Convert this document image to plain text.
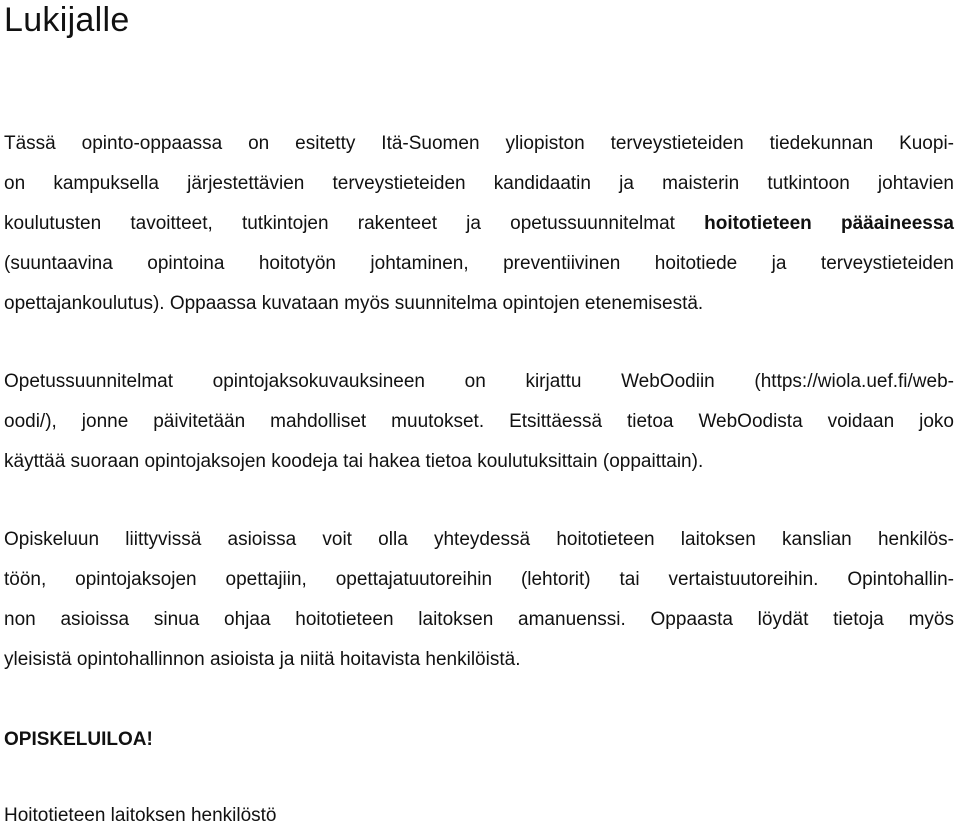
Lukijalle
Tässä opinto-oppaassa on esitetty Itä-Suomen yliopiston terveystieteiden tiedekunnan Kuopi-
on kampuksella järjestettävien terveystieteiden kandidaatin ja maisterin tutkintoon johtavien
koulutusten tavoitteet, tutkintojen rakenteet ja opetussuunnitelmat hoitotieteen pääaineessa
(suuntaavina opintoina hoitotyön johtaminen, preventiivinen hoitotiede ja terveystieteiden
opettajankoulutus). Oppaassa kuvataan myös suunnitelma opintojen etenemisestä.
Opetussuunnitelmat opintojaksokuvauksineen on kirjattu WebOodiin (https://wiola.uef.fi/web-
oodi/), jonne päivitetään mahdolliset muutokset. Etsittäessä tietoa WebOodista voidaan joko
käyttää suoraan opintojaksojen koodeja tai hakea tietoa koulutuksittain (oppaittain).
Opiskeluun liittyvissä asioissa voit olla yhteydessä hoitotieteen laitoksen kanslian henkilös-
töön, opintojaksojen opettajiin, opettajatuutoreihin (lehtorit) tai vertaistuutoreihin. Opintohallin-
non asioissa sinua ohjaa hoitotieteen laitoksen amanuenssi. Oppaasta löydät tietoja myös
yleisistä opintohallinnon asioista ja niitä hoitavista henkilöistä.

OPISKELUILOA!

Hoitotieteen laitoksen henkilöstö
